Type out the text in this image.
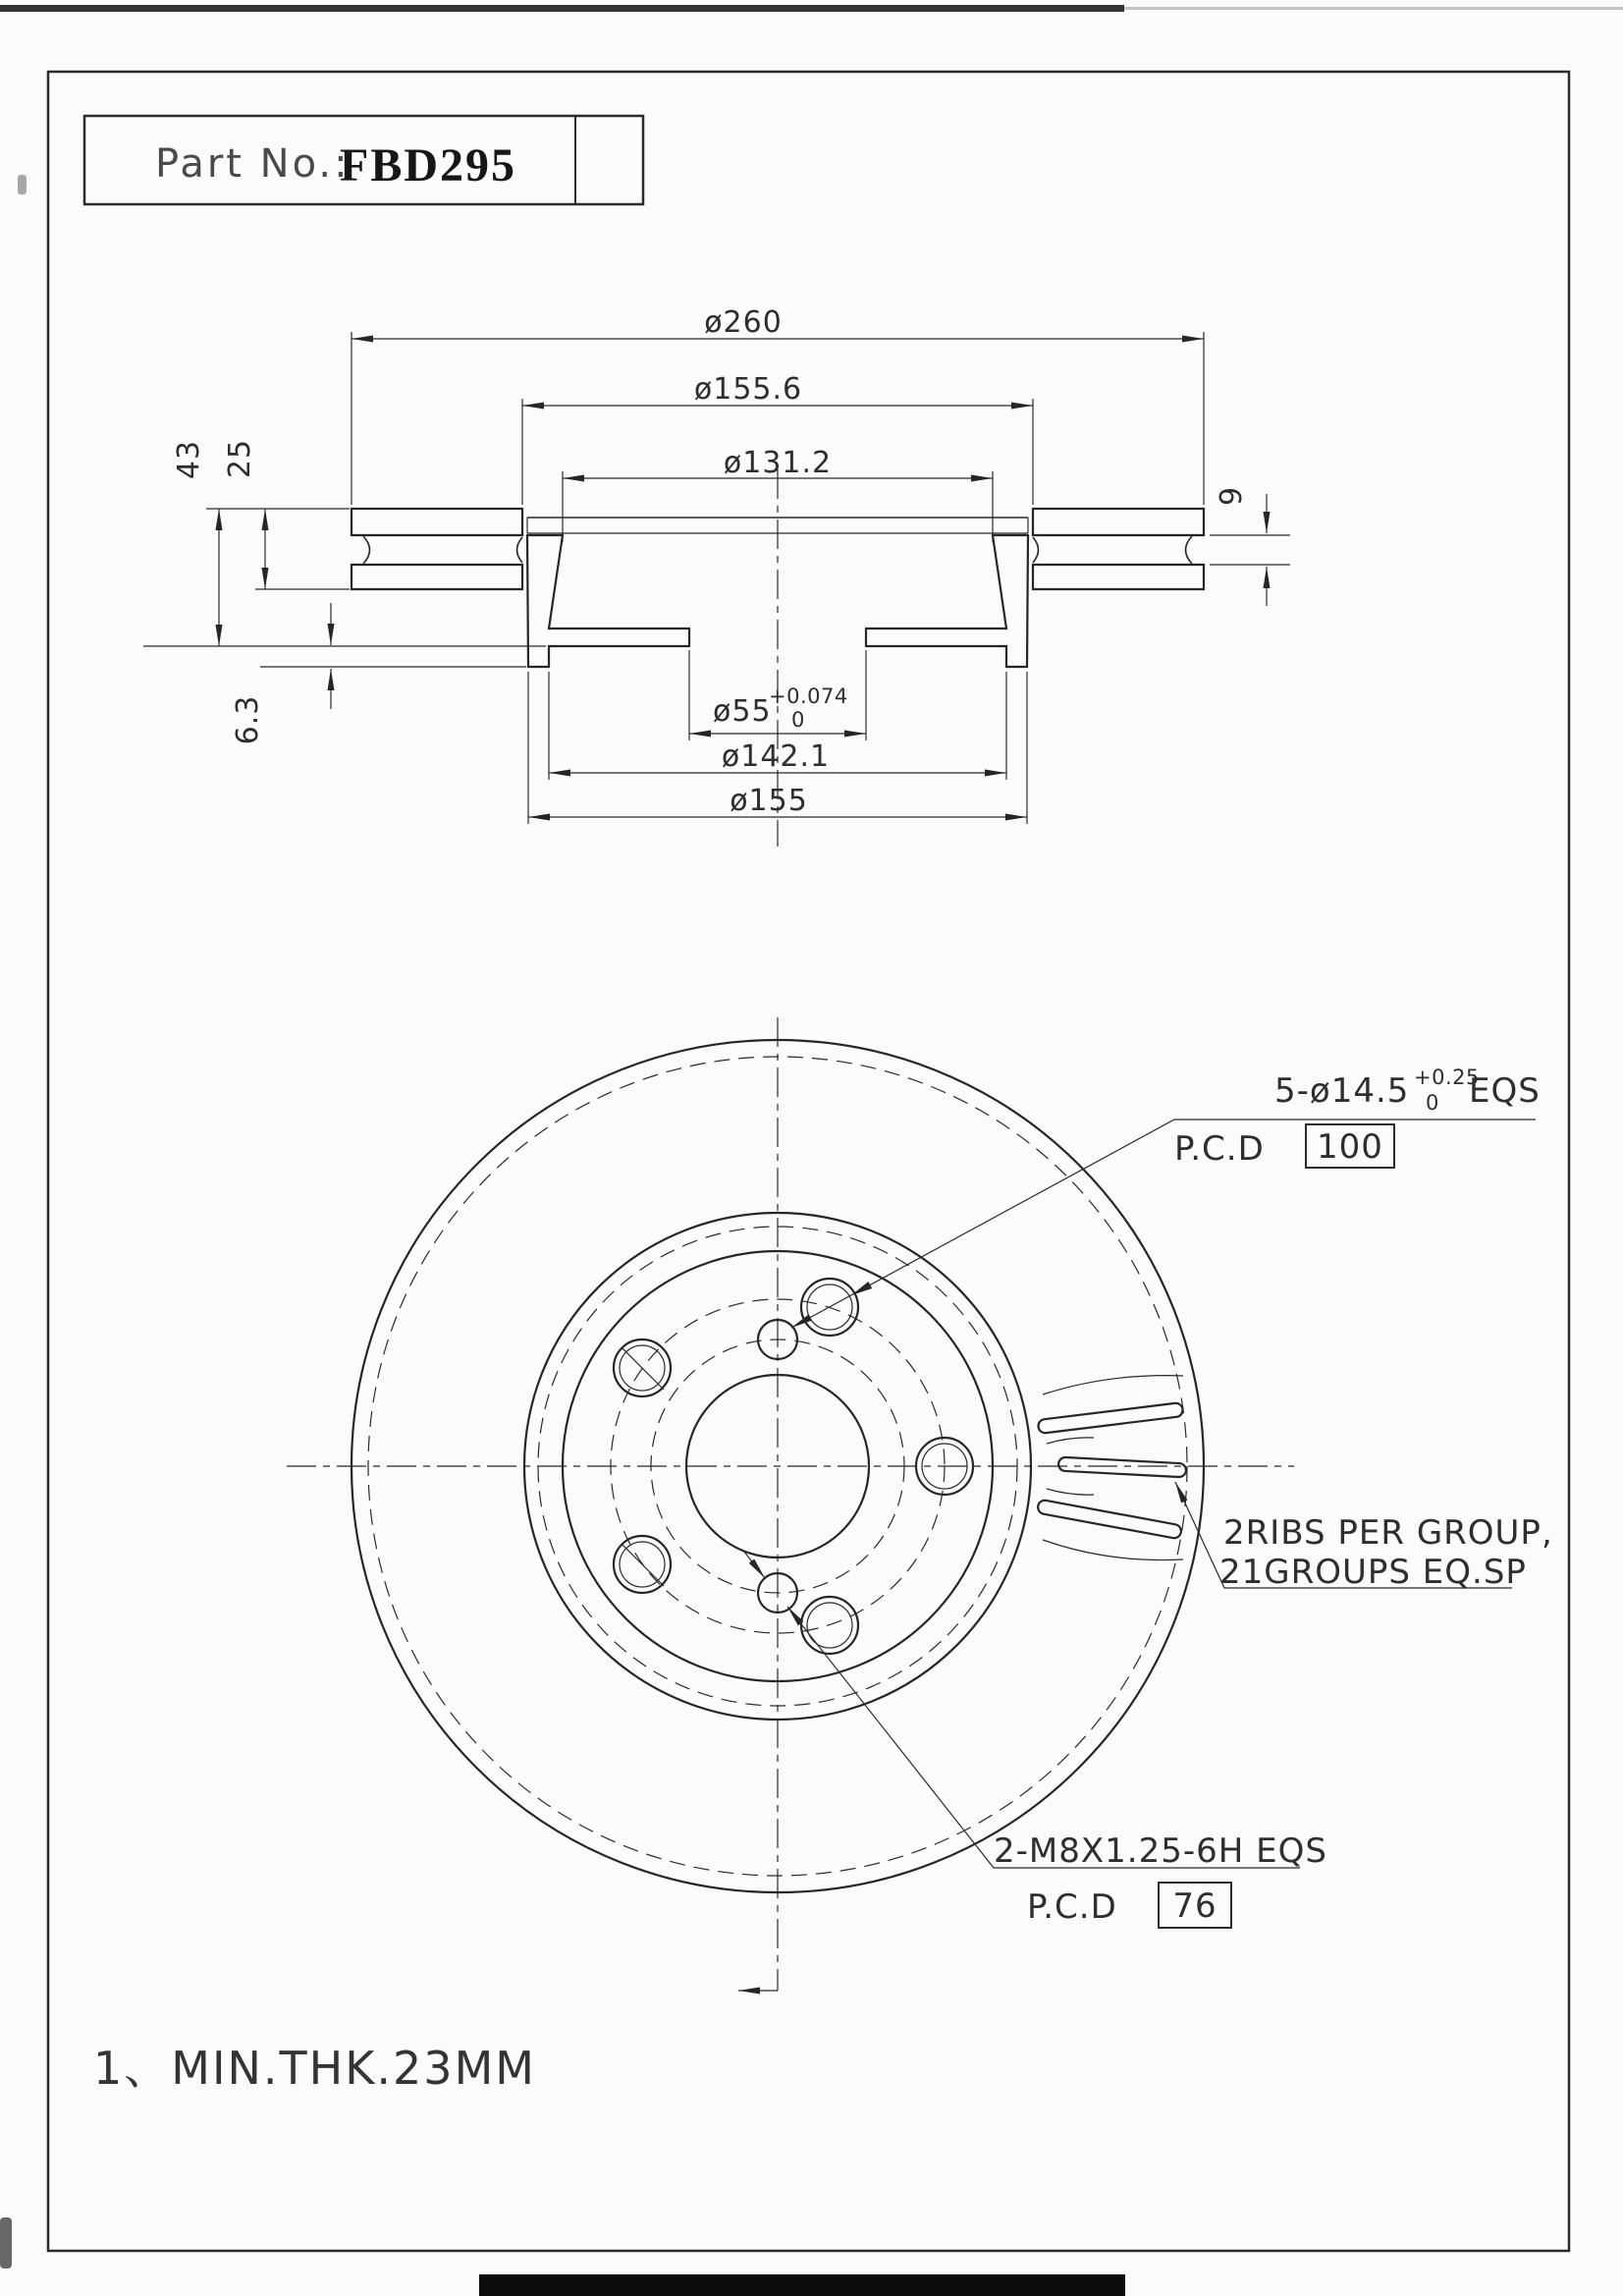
Part No.:
FBD295
ø260
ø155.6
ø131.2
43 25
6.3
9
ø55
+0.074
0
ø142.1
ø155
5-ø14.5 +0.25
0 EQS
P.C.D 100
2RIBS PER GROUP,
21GROUPS EQ.SP
2-M8X1.25-6H EQS
P.C.D 76
1、MIN.THK.23MM
